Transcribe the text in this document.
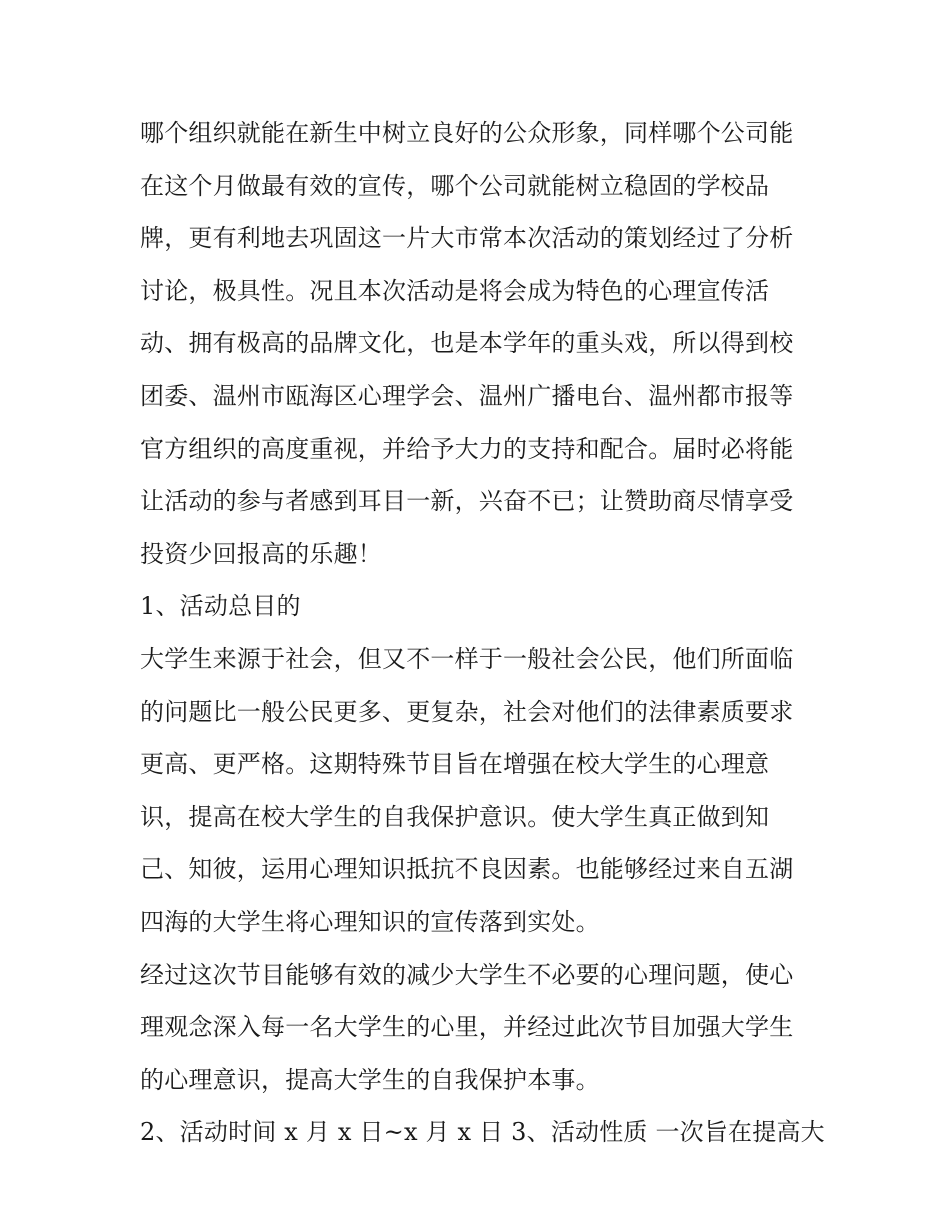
哪个组织就能在新生中树立良好的公众形象，同样哪个公司能
在这个月做最有效的宣传，哪个公司就能树立稳固的学校品
牌，更有利地去巩固这一片大市常本次活动的策划经过了分析
讨论，极具性。况且本次活动是将会成为特色的心理宣传活
动、拥有极高的品牌文化，也是本学年的重头戏，所以得到校
团委、温州市瓯海区心理学会、温州广播电台、温州都市报等
官方组织的高度重视，并给予大力的支持和配合。届时必将能
让活动的参与者感到耳目一新，兴奋不已；让赞助商尽情享受
投资少回报高的乐趣！
1、活动总目的
大学生来源于社会，但又不一样于一般社会公民，他们所面临
的问题比一般公民更多、更复杂，社会对他们的法律素质要求
更高、更严格。这期特殊节目旨在增强在校大学生的心理意
识，提高在校大学生的自我保护意识。使大学生真正做到知
己、知彼，运用心理知识抵抗不良因素。也能够经过来自五湖
四海的大学生将心理知识的宣传落到实处。
经过这次节目能够有效的减少大学生不必要的心理问题，使心
理观念深入每一名大学生的心里，并经过此次节目加强大学生
的心理意识，提高大学生的自我保护本事。
2、活动时间 x 月 x 日~x 月 x 日 3、活动性质 一次旨在提高大
